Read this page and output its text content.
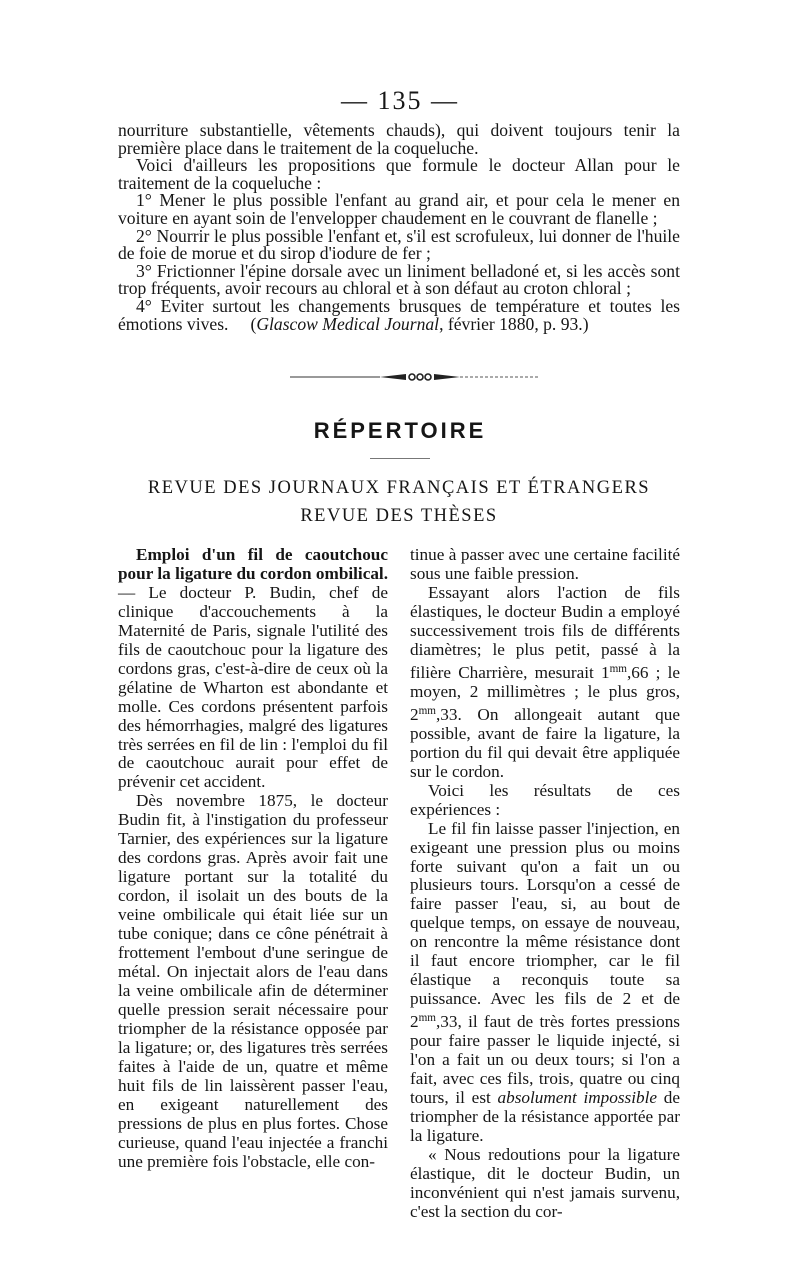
— 135 —

nourriture substantielle, vêtements chauds), qui doivent toujours tenir la première place dans le traitement de la coqueluche.

Voici d'ailleurs les propositions que formule le docteur Allan pour le traitement de la coqueluche :

1° Mener le plus possible l'enfant au grand air, et pour cela le mener en voiture en ayant soin de l'envelopper chaudement en le couvrant de flanelle ;

2° Nourrir le plus possible l'enfant et, s'il est scrofuleux, lui donner de l'huile de foie de morue et du sirop d'iodure de fer ;

3° Frictionner l'épine dorsale avec un liniment belladoné et, si les accès sont trop fréquents, avoir recours au chloral et à son défaut au croton chloral ;

4° Eviter surtout les changements brusques de température et toutes les émotions vives. (Glascow Medical Journal, février 1880, p. 93.)

RÉPERTOIRE
REVUE DES JOURNAUX FRANÇAIS ET ÉTRANGERS
REVUE DES THÈSES

Emploi d'un fil de caoutchouc pour la ligature du cordon ombilical. — Le docteur P. Budin, chef de clinique d'accouchements à la Maternité de Paris, signale l'utilité des fils de caoutchouc pour la ligature des cordons gras, c'est-à-dire de ceux où la gélatine de Wharton est abondante et molle. Ces cordons présentent parfois des hémorrhagies, malgré des ligatures très serrées en fil de lin : l'emploi du fil de caoutchouc aurait pour effet de prévenir cet accident.

Dès novembre 1875, le docteur Budin fit, à l'instigation du professeur Tarnier, des expériences sur la ligature des cordons gras. Après avoir fait une ligature portant sur la totalité du cordon, il isolait un des bouts de la veine ombilicale qui était liée sur un tube conique; dans ce cône pénétrait à frottement l'embout d'une seringue de métal. On injectait alors de l'eau dans la veine ombilicale afin de déterminer quelle pression serait nécessaire pour triompher de la résistance opposée par la ligature; or, des ligatures très serrées faites à l'aide de un, quatre et même huit fils de lin laissèrent passer l'eau, en exigeant naturellement des pressions de plus en plus fortes. Chose curieuse, quand l'eau injectée a franchi une première fois l'obstacle, elle con-

tinue à passer avec une certaine facilité sous une faible pression.

Essayant alors l'action de fils élastiques, le docteur Budin a employé successivement trois fils de différents diamètres; le plus petit, passé à la filière Charrière, mesurait $1^{mm},66$ ; le moyen, 2 millimètres ; le plus gros, $2^{mm},33$. On allongeait autant que possible, avant de faire la ligature, la portion du fil qui devait être appliquée sur le cordon.

Voici les résultats de ces expériences :

Le fil fin laisse passer l'injection, en exigeant une pression plus ou moins forte suivant qu'on a fait un ou plusieurs tours. Lorsqu'on a cessé de faire passer l'eau, si, au bout de quelque temps, on essaye de nouveau, on rencontre la même résistance dont il faut encore triompher, car le fil élastique a reconquis toute sa puissance. Avec les fils de 2 et de $2^{mm},33$, il faut de très fortes pressions pour faire passer le liquide injecté, si l'on a fait un ou deux tours; si l'on a fait, avec ces fils, trois, quatre ou cinq tours, il est absolument impossible de triompher de la résistance apportée par la ligature.

« Nous redoutions pour la ligature élastique, dit le docteur Budin, un inconvénient qui n'est jamais survenu, c'est la section du cor-
